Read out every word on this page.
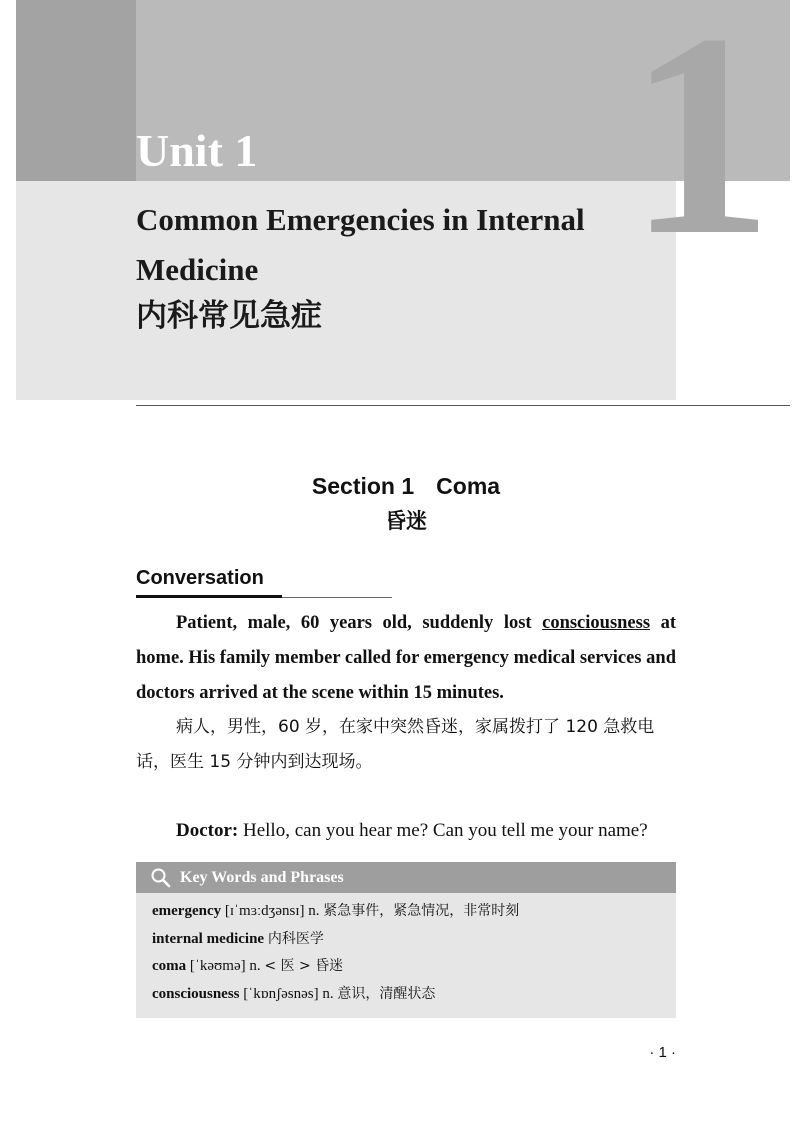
1
Unit 1
Common Emergencies in Internal Medicine
内科常见急症
Section 1 Coma
昏迷
Conversation

Patient, male, 60 years old, suddenly lost consciousness at home. His family member called for emergency medical services and doctors arrived at the scene within 15 minutes.

病人，男性，60 岁，在家中突然昏迷，家属拨打了 120 急救电话，医生 15 分钟内到达现场。

Doctor: Hello, can you hear me? Can you tell me your name?

Key Words and Phrases
emergency [ɪˈmɜːdʒənsɪ] n. 紧急事件，紧急情况，非常时刻
internal medicine 内科医学
coma [ˈkəʊmə] n. < 医 > 昏迷
consciousness [ˈkɒnʃəsnəs] n. 意识，清醒状态
· 1 ·
